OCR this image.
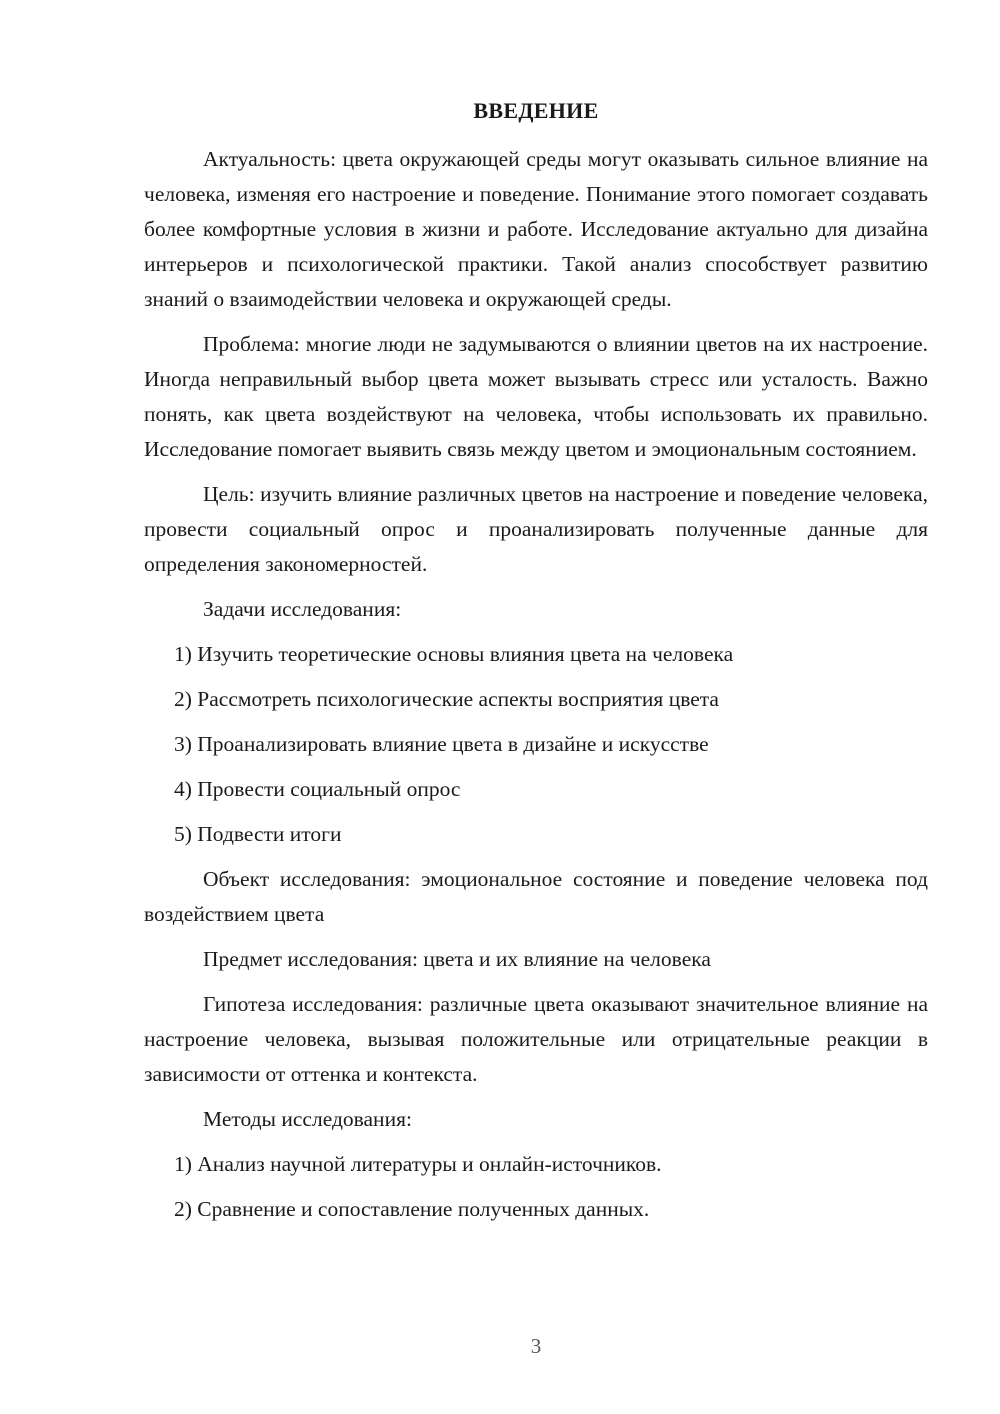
ВВЕДЕНИЕ

Актуальность: цвета окружающей среды могут оказывать сильное влияние на человека, изменяя его настроение и поведение. Понимание этого помогает создавать более комфортные условия в жизни и работе. Исследование актуально для дизайна интерьеров и психологической практики. Такой анализ способствует развитию знаний о взаимодействии человека и окружающей среды.

Проблема: многие люди не задумываются о влиянии цветов на их настроение. Иногда неправильный выбор цвета может вызывать стресс или усталость. Важно понять, как цвета воздействуют на человека, чтобы использовать их правильно. Исследование помогает выявить связь между цветом и эмоциональным состоянием.

Цель: изучить влияние различных цветов на настроение и поведение человека, провести социальный опрос и проанализировать полученные данные для определения закономерностей.

Задачи исследования:

1) Изучить теоретические основы влияния цвета на человека
2) Рассмотреть психологические аспекты восприятия цвета
3) Проанализировать влияние цвета в дизайне и искусстве
4) Провести социальный опрос
5) Подвести итоги

Объект исследования: эмоциональное состояние и поведение человека под воздействием цвета

Предмет исследования: цвета и их влияние на человека

Гипотеза исследования: различные цвета оказывают значительное влияние на настроение человека, вызывая положительные или отрицательные реакции в зависимости от оттенка и контекста.

Методы исследования:

1) Анализ научной литературы и онлайн-источников.
2) Сравнение и сопоставление полученных данных.
3
